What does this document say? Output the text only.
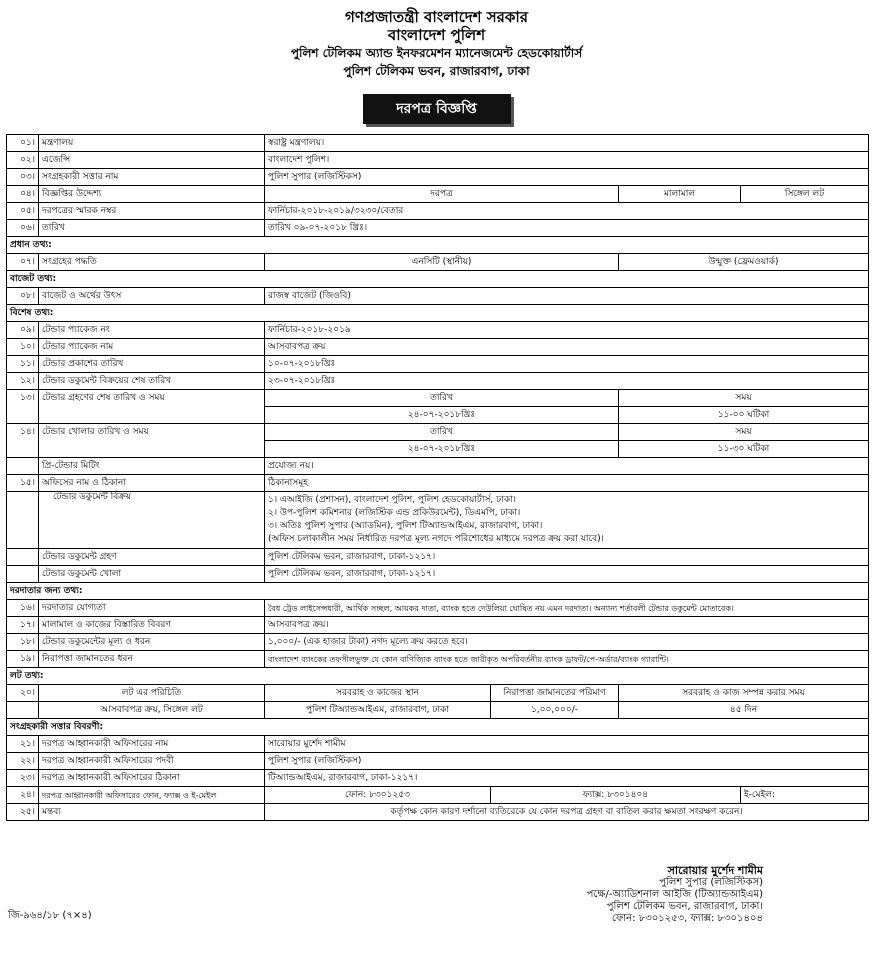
গণপ্রজাতন্ত্রী বাংলাদেশ সরকার
বাংলাদেশ পুলিশ
পুলিশ টেলিকম অ্যান্ড ইনফরমেশন ম্যানেজমেন্ট হেডকোয়ার্টার্স
পুলিশ টেলিকম ভবন, রাজারবাগ, ঢাকা
দরপত্র বিজ্ঞপ্তি
০১।	মন্ত্রণালয়	স্বরাষ্ট্র মন্ত্রণালয়।			
০২।	এজেন্সি	বাংলাদেশ পুলিশ।			
০৩।	সংগ্রহকারী সত্তার নাম	পুলিশ সুপার (লজিস্টিকস)			
০৪।	বিজ্ঞপ্তির উদ্দেশ্য	দরপত্র		মালামাল	সিঙ্গেল লট
০৫।	দরপত্রের স্মারক নম্বর	ফার্নিচার-২০১৮-২০১৯/৩২৩০/বেতার			
০৬।	তারিখ	তারিখ ০৯-০৭-২০১৮ খ্রিঃ।			
প্রধান তথ্য:					
০৭।	সংগ্রহের পদ্ধতি	এনসিটি (স্থানীয়)		উন্মুক্ত (ফ্রেমওয়ার্ক)	
বাজেট তথ্য:					
০৮।	বাজেট ও অর্থের উৎস	রাজস্ব বাজেট (জিওবি)			
বিশেষ তথ্য:					
০৯।	টেন্ডার প্যাকেজ নং	ফার্নিচার-২০১৮-২০১৯			
১০।	টেন্ডার প্যাকেজ নাম	আসবাবপত্র ক্রয়			
১১।	টেন্ডার প্রকাশের তারিখ	১০-০৭-২০১৮খ্রিঃ			
১২।	টেন্ডার ডকুমেন্ট বিক্রয়ের শেষ তারিখ	২৩-০৭-২০১৮খ্রিঃ			
১৩।	টেন্ডার গ্রহণের শেষ তারিখ ও সময়	তারিখ		সময়	
		২৪-০৭-২০১৮খ্রিঃ		১১-০০ ঘটিকা	
১৪।	টেন্ডার খোলার তারিখ ও সময়	তারিখ		সময়	
		২৪-০৭-২০১৮খ্রিঃ		১১-৩০ ঘটিকা	
	প্রি-টেন্ডার মিটিং	প্রযোজ্য নয়।			
১৫।	অফিসের নাম ও ঠিকানা	ঠিকানাসমূহ			
	টেন্ডার ডকুমেন্ট বিক্রয়	১। এআইজি (প্রশাসন), বাংলাদেশ পুলিশ, পুলিশ হেডকোয়ার্টার্স, ঢাকা।
২। উপ-পুলিশ কমিশনার (লজিস্টিক এন্ড প্রকিউরমেন্ট), ডিএমপি, ঢাকা।
৩। অতিঃ পুলিশ সুপার (অ্যাডমিন), পুলিশ টিঅ্যান্ডআইএম, রাজারবাগ, ঢাকা।
(অফিস চলাকালীন সময় নির্ধারিত দরপত্র মূল্য নগদে পরিশোধের মাধ্যমে দরপত্র ক্রয় করা যাবে)।			

	টেন্ডার ডকুমেন্ট গ্রহণ	পুলিশ টেলিকম ভবন, রাজারবাগ, ঢাকা-১২১৭।			
	টেন্ডার ডকুমেন্ট খোলা	পুলিশ টেলিকম ভবন, রাজারবাগ, ঢাকা-১২১৭।			
দরদাতার জন্য তথ্য:					
১৬।	দরদাতার যোগ্যতা	বৈধ ট্রেড লাইসেন্সধারী, আর্থিক সচ্ছল, আয়কর দাতা, ব্যাংক হতে দেউলিয়া ঘোষিত নয় এমন দরদাতা। অন্যান্য শর্তাবলী টেন্ডার ডকুমেন্ট মোতাবেক।			
১৭।	মালামাল ও কাজের বিস্তারিত বিবরণ	আসবাবপত্র ক্রয়।			
১৮।	টেন্ডার ডকুমেন্টের মূল্য ও ধরন	১,০০০/- (এক হাজার টাকা) নগদ মূল্যে ক্রয় করতে হবে।			
১৯।	নিরাপত্তা জামানতের ধরন	বাংলাদেশ ব্যাংকের তফসীলভুক্ত যে কোন বাণিজ্যিক ব্যাংক হতে জারীকৃত অপরিবর্তনীয় ব্যাংক ড্রাফট/পে-অর্ডার/ব্যাংক গ্যারান্টি।			
লট তথ্য:					
২০।	লট এর পরিচিতি	সরবরাহ ও কাজের স্থান	নিরাপত্তা জামানতের পরিমাণ	সরবরাহ ও কাজ সম্পন্ন করার সময়	
	আসবাবপত্র ক্রয়, সিঙ্গেল লট	পুলিশ টিঅ্যান্ডআইএম, রাজারবাগ, ঢাকা	১,০০,০০০/-	৪৫ দিন	
সংগ্রহকারী সত্তার বিবরণী:					
২১।	দরপত্র আহ্বানকারী অফিসারের নাম	সারোয়ার মুর্শেদ শামীম			
২২।	দরপত্র আহ্বানকারী অফিসারের পদবী	পুলিশ সুপার (লজিস্টিকস)			
২৩।	দরপত্র আহ্বানকারী অফিসারের ঠিকানা	টিঅ্যান্ডআইএম, রাজারবাগ, ঢাকা-১২১৭।			
২৪।	দরপত্র আহ্বানকারী অফিসারের ফোন, ফ্যাক্স ও ই-মেইল	ফোন: ৮৩০১২৫৩	ফ্যাক্স: ৮৩০১৪০৪		ই-মেইল:
২৫।	মন্তব্য	কর্তৃপক্ষ কোন কারণ দর্শানো ব্যতিরেকে যে কোন দরপত্র গ্রহণ বা বাতিল করার ক্ষমতা সংরক্ষণ করেন।			
সারোয়ার মুর্শেদ শামীম
পুলিশ সুপার (লজিস্টিকস)
পক্ষে/-অ্যাডিশনাল আইজি (টিঅ্যান্ডআইএম)
পুলিশ টেলিকম ভবন, রাজারবাগ, ঢাকা।
ফোন: ৮৩০১২৫৩, ফ্যাক্স: ৮৩০১৪০৪
জি-৯৬৪/১৮ (৭×৪)
